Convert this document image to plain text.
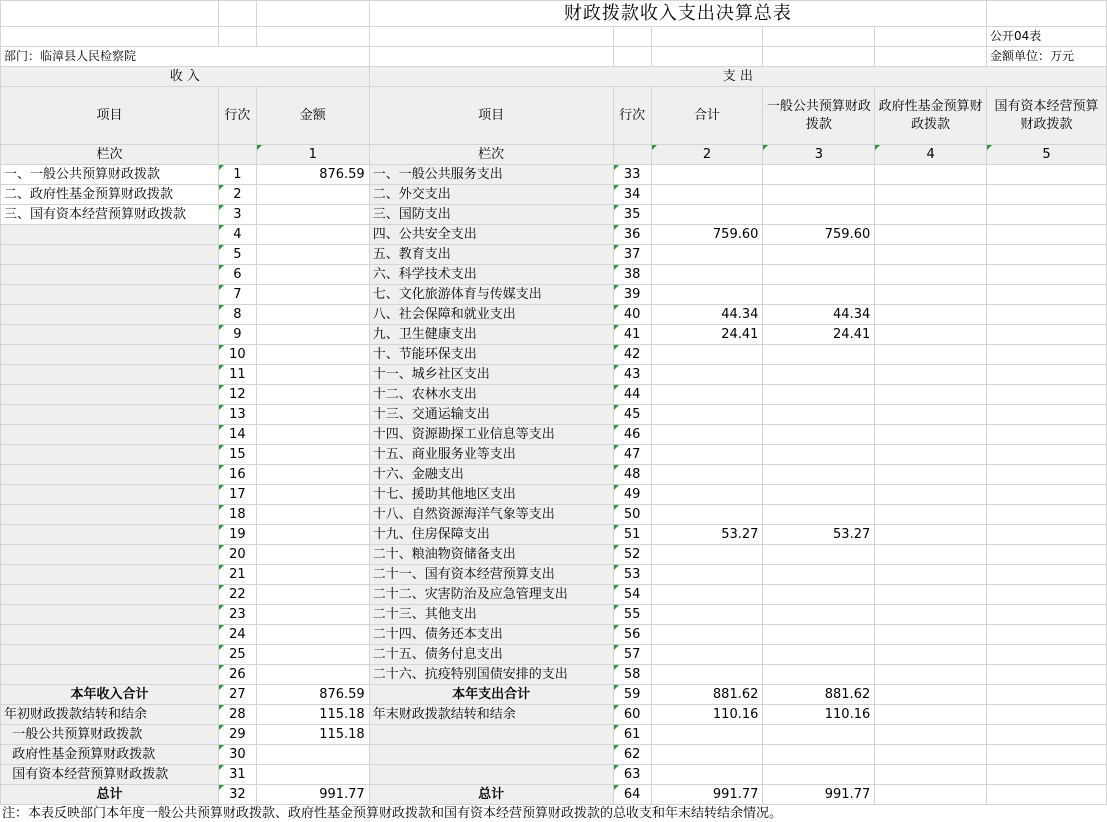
			财政拨款收入支出决算总表					
								公开04表
部门：临漳县人民检察院								金额单位：万元
收 入			支 出					
项目	行次	金额	项目	行次	合计	一般公共预算财政拨款	政府性基金预算财政拨款	国有资本经营预算财政拨款
栏次		1	栏次		2	3	4	5
一、一般公共预算财政拨款	1	876.59	一、一般公共服务支出	33				
二、政府性基金预算财政拨款	2		二、外交支出	34				
三、国有资本经营预算财政拨款	3		三、国防支出	35				
	4		四、公共安全支出	36	759.60	759.60		
	5		五、教育支出	37				
	6		六、科学技术支出	38				
	7		七、文化旅游体育与传媒支出	39				
	8		八、社会保障和就业支出	40	44.34	44.34		
	9		九、卫生健康支出	41	24.41	24.41		
	10		十、节能环保支出	42				
	11		十一、城乡社区支出	43				
	12		十二、农林水支出	44				
	13		十三、交通运输支出	45				
	14		十四、资源勘探工业信息等支出	46				
	15		十五、商业服务业等支出	47				
	16		十六、金融支出	48				
	17		十七、援助其他地区支出	49				
	18		十八、自然资源海洋气象等支出	50				
	19		十九、住房保障支出	51	53.27	53.27		
	20		二十、粮油物资储备支出	52				
	21		二十一、国有资本经营预算支出	53				
	22		二十二、灾害防治及应急管理支出	54				
	23		二十三、其他支出	55				
	24		二十四、债务还本支出	56				
	25		二十五、债务付息支出	57				
	26		二十六、抗疫特别国债安排的支出	58				
本年收入合计	27	876.59	本年支出合计	59	881.62	881.62		
年初财政拨款结转和结余	28	115.18	年末财政拨款结转和结余	60	110.16	110.16		
一般公共预算财政拨款	29	115.18		61				
政府性基金预算财政拨款	30			62				
国有资本经营预算财政拨款	31			63				
总计	32	991.77	总计	64	991.77	991.77		
注：本表反映部门本年度一般公共预算财政拨款、政府性基金预算财政拨款和国有资本经营预算财政拨款的总收支和年末结转结余情况。
